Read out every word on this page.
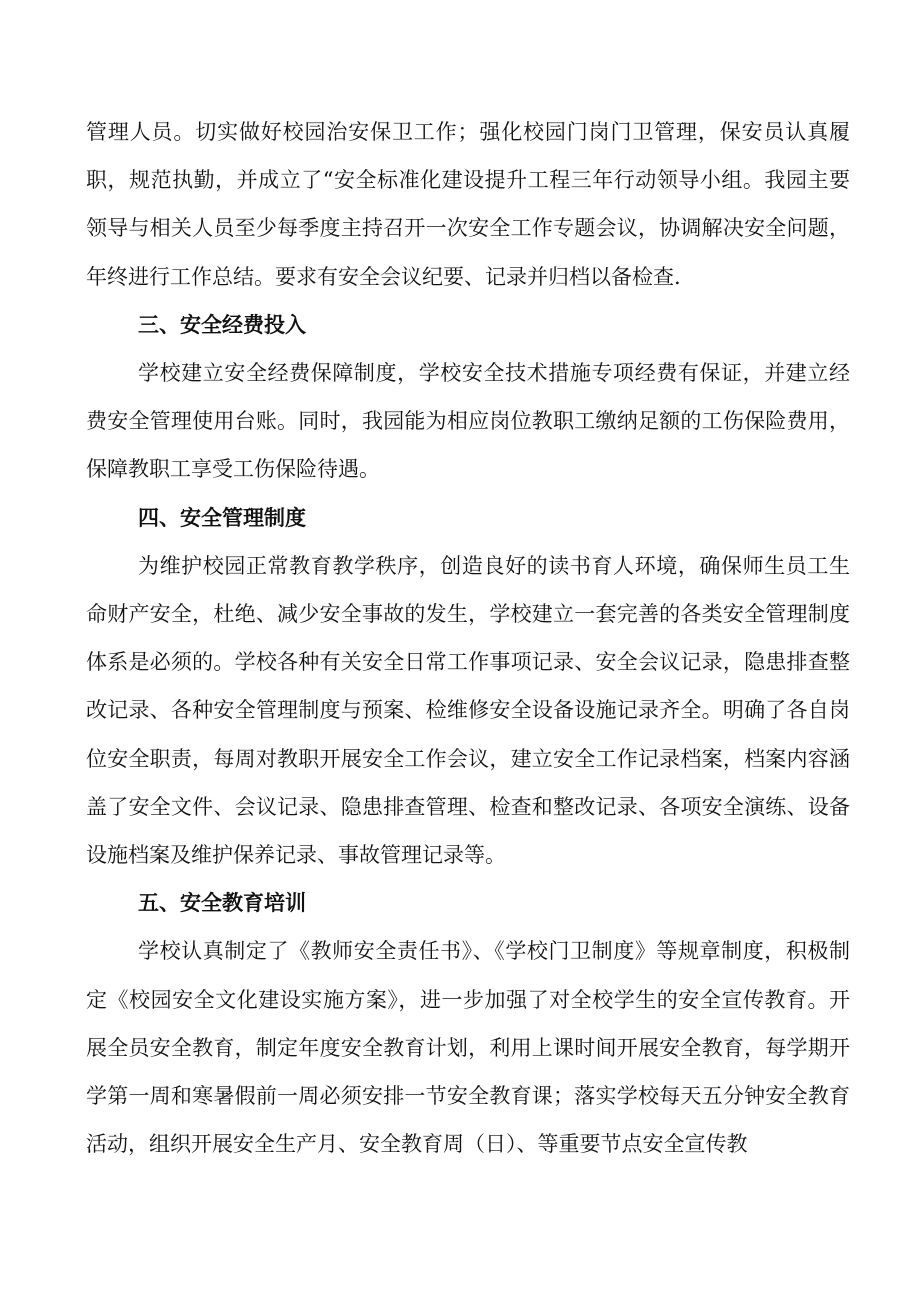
管理人员。切实做好校园治安保卫工作；强化校园门岗门卫管理，保安员认真履职，规范执勤，并成立了“安全标准化建设提升工程三年行动领导小组。我园主要领导与相关人员至少每季度主持召开一次安全工作专题会议，协调解决安全问题，年终进行工作总结。要求有安全会议纪要、记录并归档以备检查.

三、安全经费投入

学校建立安全经费保障制度，学校安全技术措施专项经费有保证，并建立经费安全管理使用台账。同时，我园能为相应岗位教职工缴纳足额的工伤保险费用，保障教职工享受工伤保险待遇。

四、安全管理制度

为维护校园正常教育教学秩序，创造良好的读书育人环境，确保师生员工生命财产安全，杜绝、减少安全事故的发生，学校建立一套完善的各类安全管理制度体系是必须的。学校各种有关安全日常工作事项记录、安全会议记录，隐患排查整改记录、各种安全管理制度与预案、检维修安全设备设施记录齐全。明确了各自岗位安全职责，每周对教职开展安全工作会议，建立安全工作记录档案，档案内容涵盖了安全文件、会议记录、隐患排查管理、检查和整改记录、各项安全演练、设备设施档案及维护保养记录、事故管理记录等。

五、安全教育培训

学校认真制定了《教师安全责任书》、《学校门卫制度》等规章制度，积极制定《校园安全文化建设实施方案》，进一步加强了对全校学生的安全宣传教育。开展全员安全教育，制定年度安全教育计划，利用上课时间开展安全教育，每学期开学第一周和寒暑假前一周必须安排一节安全教育课；落实学校每天五分钟安全教育活动，组织开展安全生产月、安全教育周（日）、等重要节点安全宣传教
